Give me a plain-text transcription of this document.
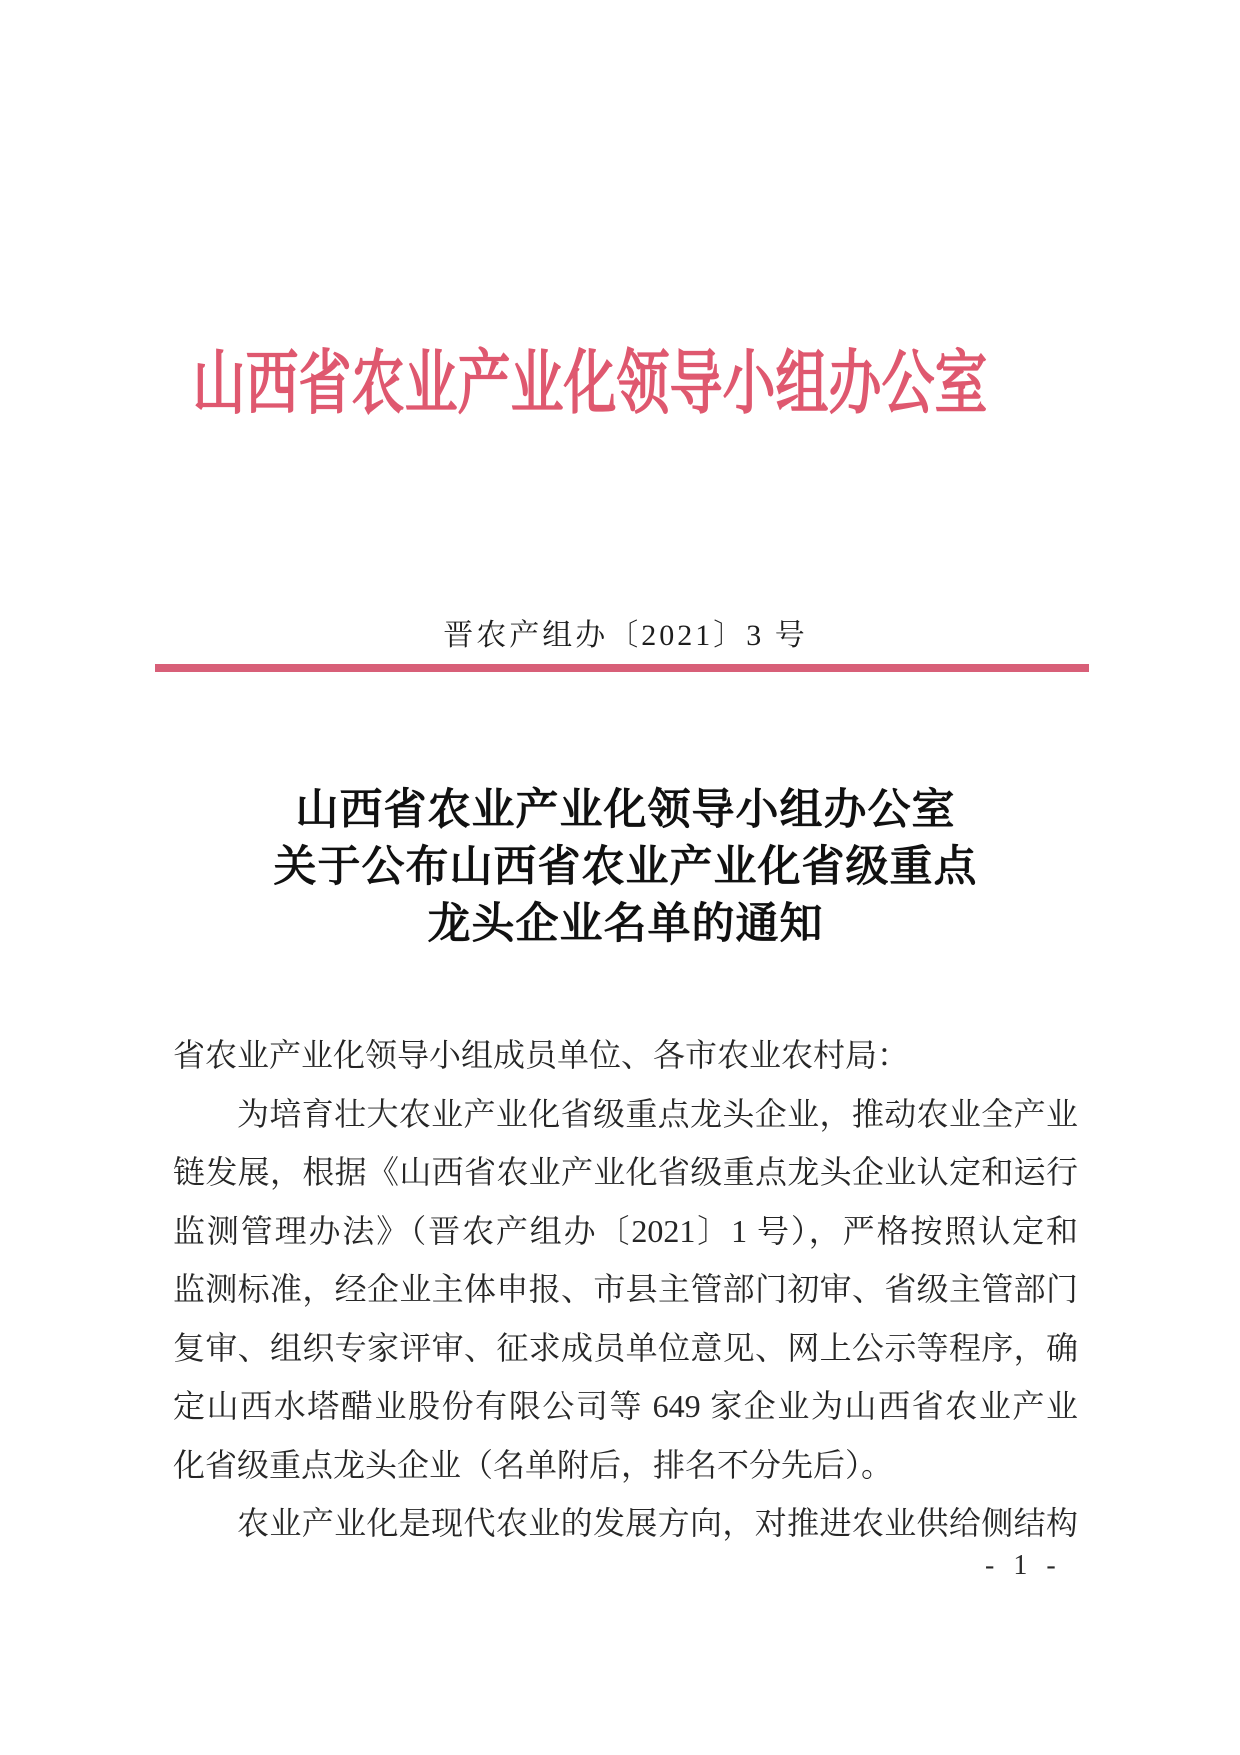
山西省农业产业化领导小组办公室
晋农产组办〔2021〕3 号
山西省农业产业化领导小组办公室
关于公布山西省农业产业化省级重点
龙头企业名单的通知
省农业产业化领导小组成员单位、各市农业农村局：
为培育壮大农业产业化省级重点龙头企业，推动农业全产业
链发展，根据《山西省农业产业化省级重点龙头企业认定和运行
监测管理办法》（晋农产组办〔2021〕1 号），严格按照认定和
监测标准，经企业主体申报、市县主管部门初审、省级主管部门
复审、组织专家评审、征求成员单位意见、网上公示等程序，确
定山西水塔醋业股份有限公司等 649 家企业为山西省农业产业
化省级重点龙头企业（名单附后，排名不分先后）。
农业产业化是现代农业的发展方向，对推进农业供给侧结构
- 1 -
